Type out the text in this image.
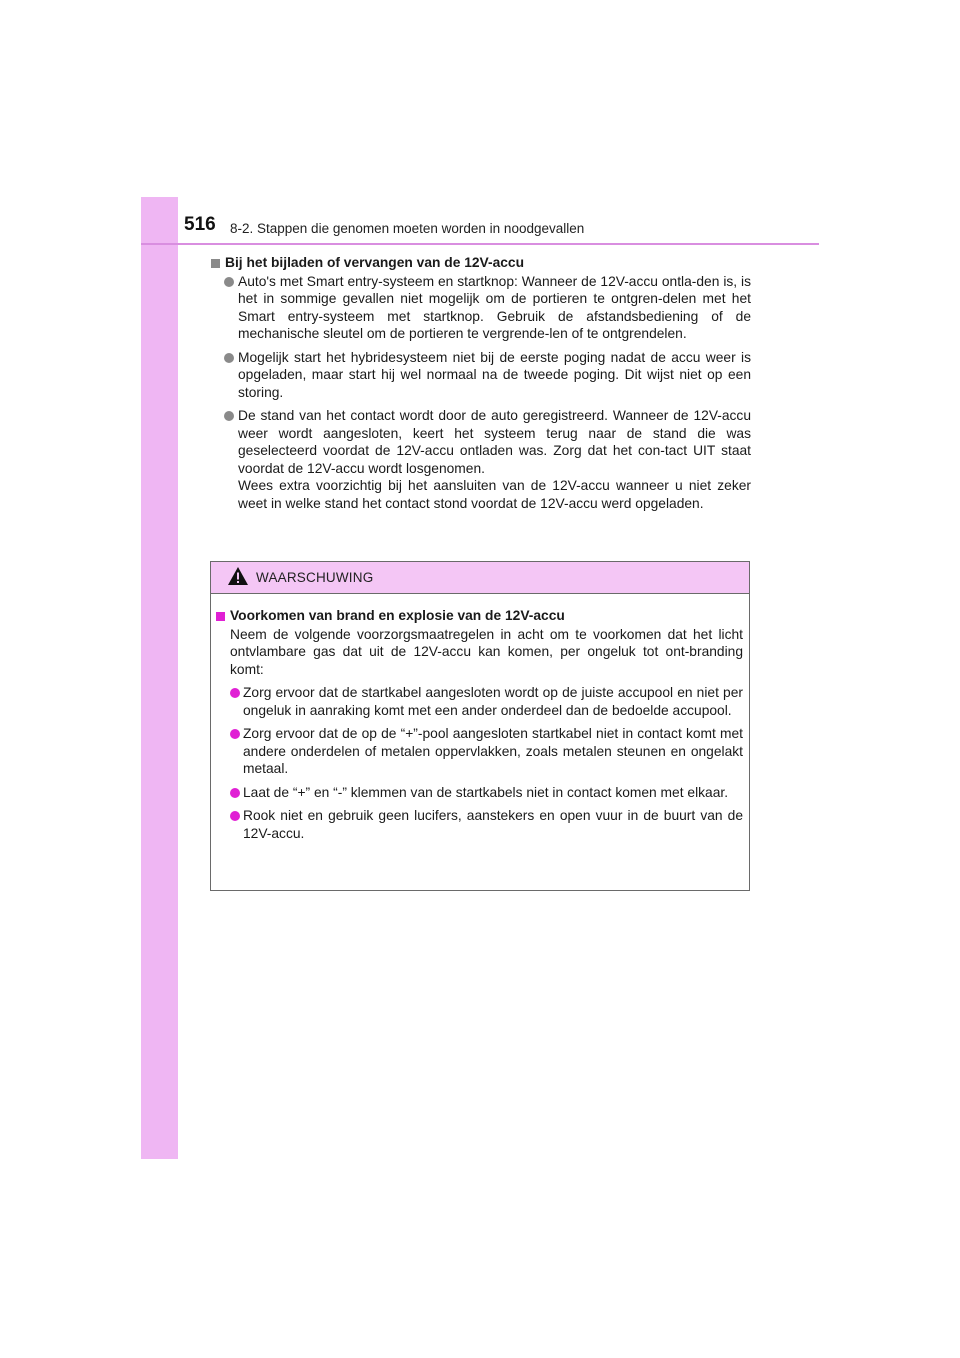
516 8-2. Stappen die genomen moeten worden in noodgevallen
Bij het bijladen of vervangen van de 12V-accu

Auto's met Smart entry-systeem en startknop: Wanneer de 12V-accu ontla-den is, is het in sommige gevallen niet mogelijk om de portieren te ontgren-delen met het Smart entry-systeem met startknop. Gebruik de afstandsbediening of de mechanische sleutel om de portieren te vergrende-len of te ontgrendelen.

Mogelijk start het hybridesysteem niet bij de eerste poging nadat de accu weer is opgeladen, maar start hij wel normaal na de tweede poging. Dit wijst niet op een storing.

De stand van het contact wordt door de auto geregistreerd. Wanneer de 12V-accu weer wordt aangesloten, keert het systeem terug naar de stand die was geselecteerd voordat de 12V-accu ontladen was. Zorg dat het con-tact UIT staat voordat de 12V-accu wordt losgenomen.

Wees extra voorzichtig bij het aansluiten van de 12V-accu wanneer u niet zeker weet in welke stand het contact stond voordat de 12V-accu werd opgeladen.

WAARSCHUWING
Voorkomen van brand en explosie van de 12V-accu

Neem de volgende voorzorgsmaatregelen in acht om te voorkomen dat het licht ontvlambare gas dat uit de 12V-accu kan komen, per ongeluk tot ont-branding komt:

Zorg ervoor dat de startkabel aangesloten wordt op de juiste accupool en niet per ongeluk in aanraking komt met een ander onderdeel dan de bedoelde accupool.

Zorg ervoor dat de op de “+”-pool aangesloten startkabel niet in contact komt met andere onderdelen of metalen oppervlakken, zoals metalen steunen en ongelakt metaal.

Laat de “+” en “-” klemmen van de startkabels niet in contact komen met elkaar.

Rook niet en gebruik geen lucifers, aanstekers en open vuur in de buurt van de 12V-accu.
